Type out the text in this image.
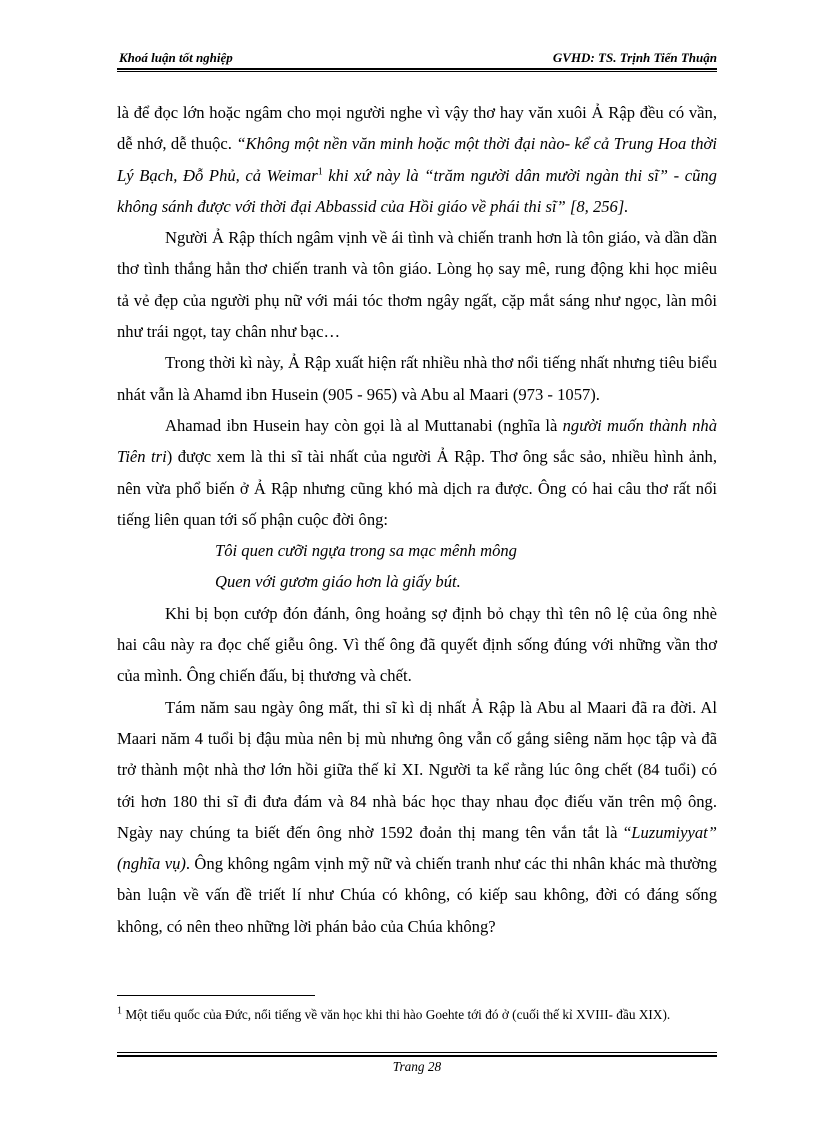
Khoá luận tốt nghiệp	GVHD: TS. Trịnh Tiến Thuận

là để đọc lớn hoặc ngâm cho mọi người nghe vì vậy thơ hay văn xuôi Ả Rập đều có vần, dễ nhớ, dễ thuộc. “Không một nền văn minh hoặc một thời đại nào- kể cả Trung Hoa thời Lý Bạch, Đỗ Phủ, cả Weimar$^1$ khi xứ này là “trăm người dân mười ngàn thi sĩ” - cũng không sánh được với thời đại Abbassid của Hồi giáo về phái thi sĩ” [8, 256].

Người Ả Rập thích ngâm vịnh về ái tình và chiến tranh hơn là tôn giáo, và dần dần thơ tình thắng hẳn thơ chiến tranh và tôn giáo. Lòng họ say mê, rung động khi học miêu tả vẻ đẹp của người phụ nữ với mái tóc thơm ngây ngất, cặp mắt sáng như ngọc, làn môi như trái ngọt, tay chân như bạc…

Trong thời kì này, Ả Rập xuất hiện rất nhiều nhà thơ nổi tiếng nhất nhưng tiêu biểu nhát vẫn là Ahamd ibn Husein (905 - 965) và Abu al Maari (973 - 1057).

Ahamad ibn Husein hay còn gọi là al Muttanabi (nghĩa là người muốn thành nhà Tiên tri) được xem là thi sĩ tài nhất của người Ả Rập. Thơ ông sắc sảo, nhiều hình ảnh, nên vừa phổ biến ở Ả Rập nhưng cũng khó mà dịch ra được. Ông có hai câu thơ rất nổi tiếng liên quan tới số phận cuộc đời ông:

Tôi quen cưỡi ngựa trong sa mạc mênh mông

Quen với gươm giáo hơn là giấy bút.

Khi bị bọn cướp đón đánh, ông hoảng sợ định bỏ chạy thì tên nô lệ của ông nhè hai câu này ra đọc chế giễu ông. Vì thế ông đã quyết định sống đúng với những vần thơ của mình. Ông chiến đấu, bị thương và chết.

Tám năm sau ngày ông mất, thi sĩ kì dị nhất Ả Rập là Abu al Maari đã ra đời. Al Maari năm 4 tuổi bị đậu mùa nên bị mù nhưng ông vẫn cố gắng siêng năm học tập và đã trở thành một nhà thơ lớn hồi giữa thế kỉ XI. Người ta kể rằng lúc ông chết (84 tuổi) có tới hơn 180 thi sĩ đi đưa đám và 84 nhà bác học thay nhau đọc điếu văn trên mộ ông. Ngày nay chúng ta biết đến ông nhờ 1592 đoản thị mang tên vắn tắt là “Luzumiyyat” (nghĩa vụ). Ông không ngâm vịnh mỹ nữ và chiến tranh như các thi nhân khác mà thường bàn luận về vấn đề triết lí như Chúa có không, có kiếp sau không, đời có đáng sống không, có nên theo những lời phán bảo của Chúa không?

$^1$ Một tiểu quốc của Đức, nổi tiếng về văn học khi thi hào Goehte tới đó ở (cuối thế kỉ XVIII- đầu XIX).
Trang 28
